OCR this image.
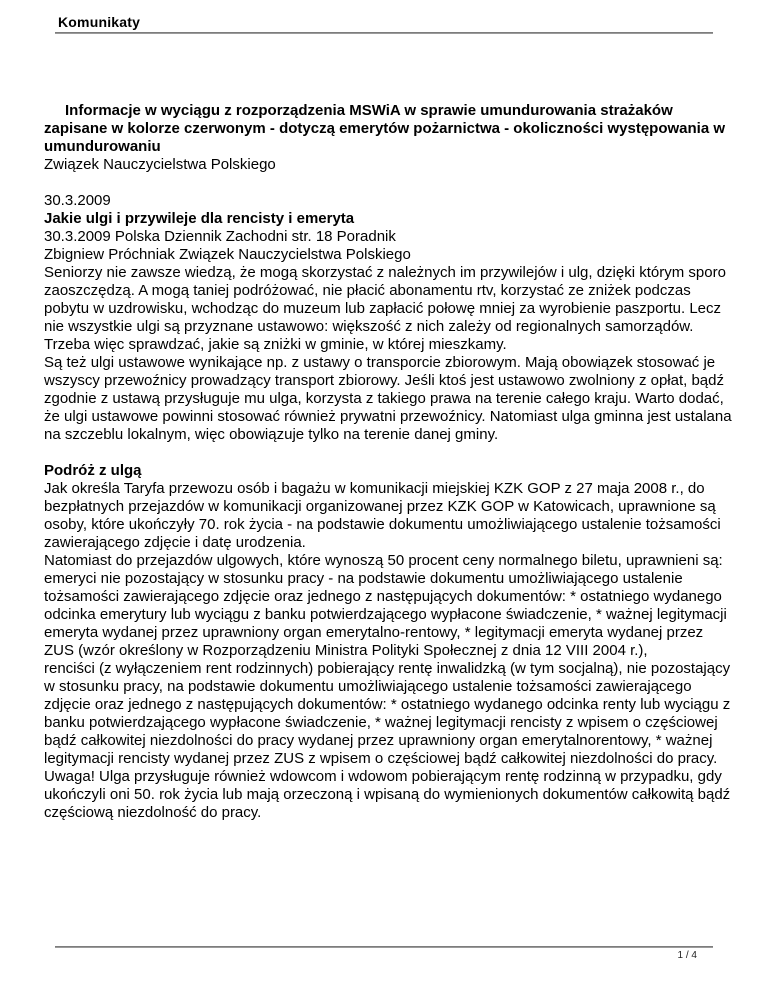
Komunikaty

Informacje w wyciągu z rozporządzenia MSWiA w sprawie umundurowania strażaków zapisane w kolorze czerwonym - dotyczą emerytów pożarnictwa - okoliczności występowania w umundurowaniu

Związek Nauczycielstwa Polskiego

30.3.2009

Jakie ulgi i przywileje dla rencisty i emeryta

30.3.2009 Polska Dziennik Zachodni str. 18 Poradnik

Zbigniew Próchniak Związek Nauczycielstwa Polskiego

Seniorzy nie zawsze wiedzą, że mogą skorzystać z należnych im przywilejów i ulg, dzięki którym sporo zaoszczędzą. A mogą taniej podróżować, nie płacić abonamentu rtv, korzystać ze zniżek podczas pobytu w uzdrowisku, wchodząc do muzeum lub zapłacić połowę mniej za wyrobienie paszportu. Lecz nie wszystkie ulgi są przyznane ustawowo: większość z nich zależy od regionalnych samorządów. Trzeba więc sprawdzać, jakie są zniżki w gminie, w której mieszkamy.

Są też ulgi ustawowe wynikające np. z ustawy o transporcie zbiorowym. Mają obowiązek stosować je wszyscy przewoźnicy prowadzący transport zbiorowy. Jeśli ktoś jest ustawowo zwolniony z opłat, bądź zgodnie z ustawą przysługuje mu ulga, korzysta z takiego prawa na terenie całego kraju. Warto dodać, że ulgi ustawowe powinni stosować również prywatni przewoźnicy. Natomiast ulga gminna jest ustalana na szczeblu lokalnym, więc obowiązuje tylko na terenie danej gminy.

Podróż z ulgą

Jak określa Taryfa przewozu osób i bagażu w komunikacji miejskiej KZK GOP z 27 maja 2008 r., do bezpłatnych przejazdów w komunikacji organizowanej przez KZK GOP w Katowicach, uprawnione są osoby, które ukończyły 70. rok życia - na podstawie dokumentu umożliwiającego ustalenie tożsamości zawierającego zdjęcie i datę urodzenia.

Natomiast do przejazdów ulgowych, które wynoszą 50 procent ceny normalnego biletu, uprawnieni są:

emeryci nie pozostający w stosunku pracy - na podstawie dokumentu umożliwiającego ustalenie tożsamości zawierającego zdjęcie oraz jednego z następujących dokumentów: * ostatniego wydanego odcinka emerytury lub wyciągu z banku potwierdzającego wypłacone świadczenie, * ważnej legitymacji emeryta wydanej przez uprawniony organ emerytalno-rentowy, * legitymacji emeryta wydanej przez ZUS (wzór określony w Rozporządzeniu Ministra Polityki Społecznej z dnia 12 VIII 2004 r.),

renciści (z wyłączeniem rent rodzinnych) pobierający rentę inwalidzką (w tym socjalną), nie pozostający w stosunku pracy, na podstawie dokumentu umożliwiającego ustalenie tożsamości zawierającego zdjęcie oraz jednego z następujących dokumentów: * ostatniego wydanego odcinka renty lub wyciągu z banku potwierdzającego wypłacone świadczenie, * ważnej legitymacji rencisty z wpisem o częściowej bądź całkowitej niezdolności do pracy wydanej przez uprawniony organ emerytalnorentowy, * ważnej legitymacji rencisty wydanej przez ZUS z wpisem o częściowej bądź całkowitej niezdolności do pracy.

Uwaga! Ulga przysługuje również wdowcom i wdowom pobierającym rentę rodzinną w przypadku, gdy ukończyli oni 50. rok życia lub mają orzeczoną i wpisaną do wymienionych dokumentów całkowitą bądź częściową niezdolność do pracy.

1 / 4
